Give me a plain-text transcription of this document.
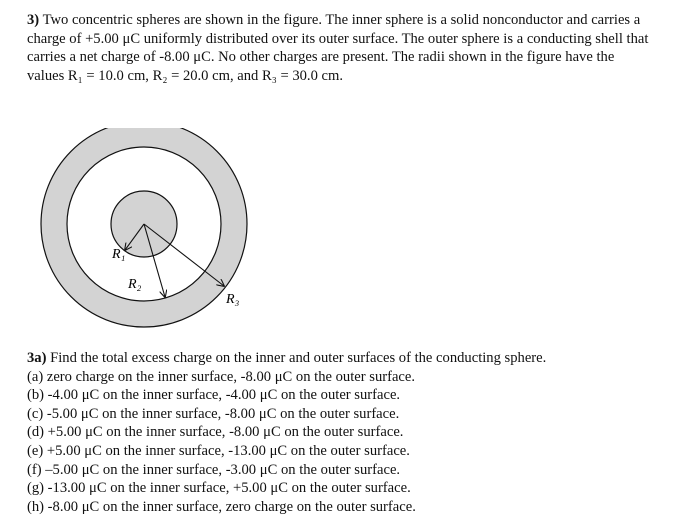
3) Two concentric spheres are shown in the figure. The inner sphere is a solid nonconductor and carries a charge of +5.00 μC uniformly distributed over its outer surface. The outer sphere is a conducting shell that carries a net charge of -8.00 μC. No other charges are present. The radii shown in the figure have the values R₁ = 10.0 cm, R₂ = 20.0 cm, and R₃ = 30.0 cm.

R₁
R₂
R₃
3a) Find the total excess charge on the inner and outer surfaces of the conducting sphere.
(a) zero charge on the inner surface, -8.00 μC on the outer surface.
(b) -4.00 μC on the inner surface, -4.00 μC on the outer surface.
(c) -5.00 μC on the inner surface, -8.00 μC on the outer surface.
(d) +5.00 μC on the inner surface, -8.00 μC on the outer surface.
(e) +5.00 μC on the inner surface, -13.00 μC on the outer surface.
(f) –5.00 μC on the inner surface, -3.00 μC on the outer surface.
(g) -13.00 μC on the inner surface, +5.00 μC on the outer surface.
(h) -8.00 μC on the inner surface, zero charge on the outer surface.
